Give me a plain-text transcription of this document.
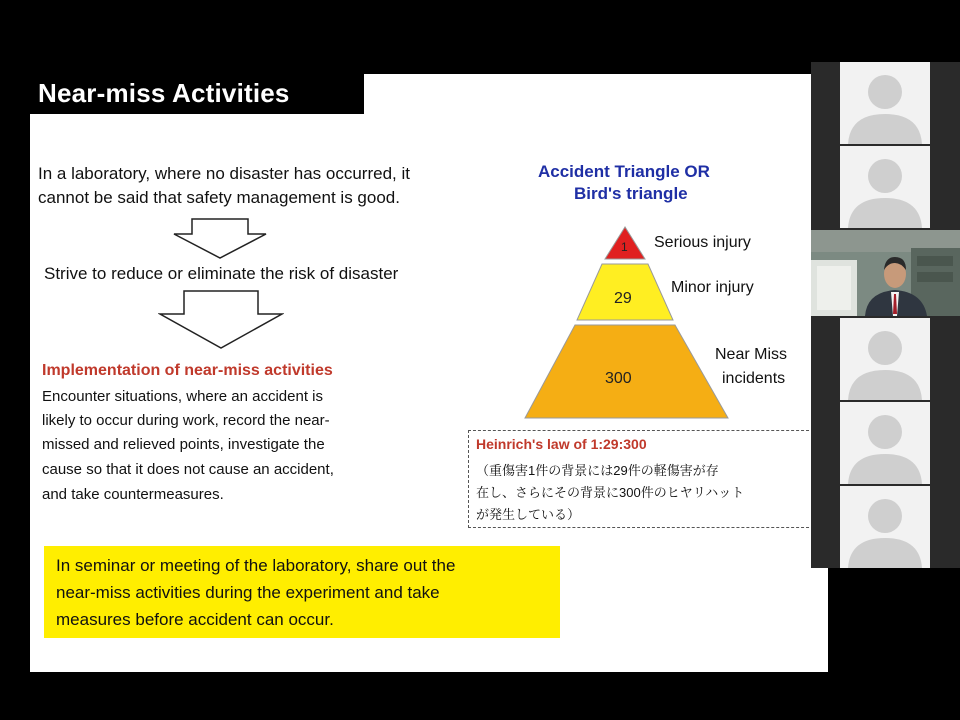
Near-miss Activities
In a laboratory, where no disaster has occurred, it
cannot be said that safety management is good.
Strive to reduce or eliminate the risk of disaster
Implementation of near-miss activities
Encounter situations, where an accident is
likely to occur during work, record the near-
missed and relieved points, investigate the
cause so that it does not cause an accident,
and take countermeasures.
In seminar or meeting of the laboratory, share out the
near-miss activities during the experiment and take
measures before accident can occur.
Accident Triangle OR
Bird's triangle
1
29
300
Serious injury
Minor injury
Near Miss
incidents
Heinrich's law of 1:29:300
（重傷害1件の背景には29件の軽傷害が存
在し、さらにその背景に300件のヒヤリハット
が発生している）
